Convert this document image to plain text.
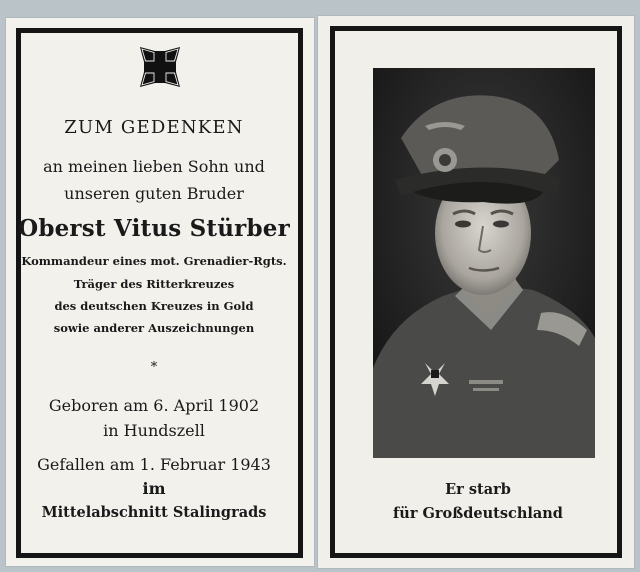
ZUM GEDENKEN
an meinen lieben Sohn und
unseren guten Bruder
Oberst Vitus Stürber
Kommandeur eines mot. Grenadier-Rgts.
Träger des Ritterkreuzes
des deutschen Kreuzes in Gold
sowie anderer Auszeichnungen
*
Geboren am 6. April 1902
in Hundszell
Gefallen am 1. Februar 1943
im
Mittelabschnitt Stalingrads
Er starb
für Großdeutschland
